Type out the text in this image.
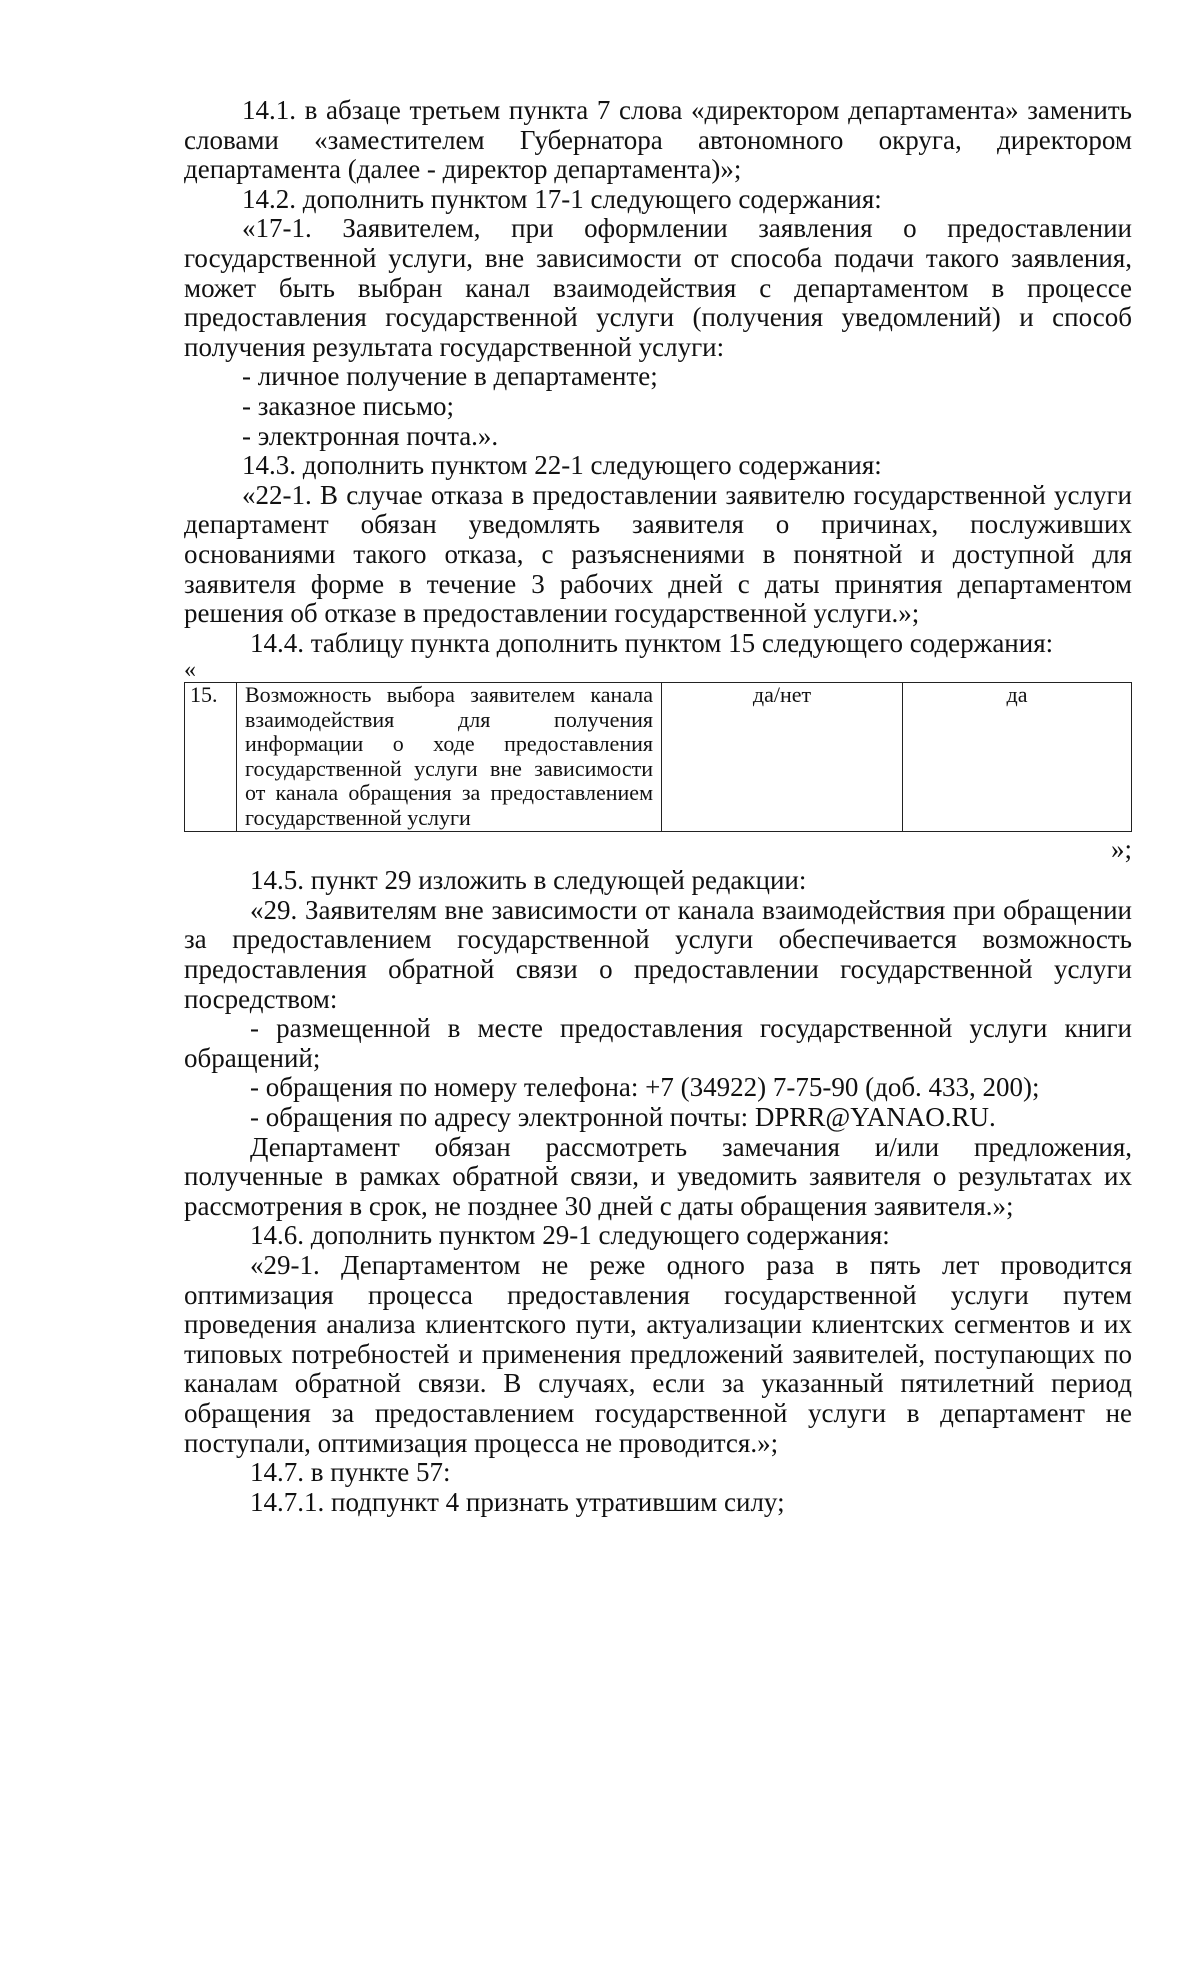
14.1. в абзаце третьем пункта 7 слова «директором департамента» заменить словами «заместителем Губернатора автономного округа, директором департамента (далее - директор департамента)»;

14.2. дополнить пунктом 17-1 следующего содержания:

«17-1. Заявителем, при оформлении заявления о предоставлении государственной услуги, вне зависимости от способа подачи такого заявления, может быть выбран канал взаимодействия с департаментом в процессе предоставления государственной услуги (получения уведомлений) и способ получения результата государственной услуги:

- личное получение в департаменте;

- заказное письмо;

- электронная почта.».

14.3. дополнить пунктом 22-1 следующего содержания:

«22-1. В случае отказа в предоставлении заявителю государственной услуги департамент обязан уведомлять заявителя о причинах, послуживших основаниями такого отказа, с разъяснениями в понятной и доступной для заявителя форме в течение 3 рабочих дней с даты принятия департаментом решения об отказе в предоставлении государственной услуги.»;

14.4. таблицу пункта дополнить пунктом 15 следующего содержания:

«

15.	Возможность выбора заявителем канала взаимодействия для получения информации о ходе предоставления государственной услуги вне зависимости от канала обращения за предоставлением государственной услуги	да/нет	да

»;

14.5. пункт 29 изложить в следующей редакции:

«29. Заявителям вне зависимости от канала взаимодействия при обращении за предоставлением государственной услуги обеспечивается возможность предоставления обратной связи о предоставлении государственной услуги посредством:

- размещенной в месте предоставления государственной услуги книги обращений;

- обращения по номеру телефона: +7 (34922) 7-75-90 (доб. 433, 200);

- обращения по адресу электронной почты: DPRR@YANAO.RU.

Департамент обязан рассмотреть замечания и/или предложения, полученные в рамках обратной связи, и уведомить заявителя о результатах их рассмотрения в срок, не позднее 30 дней с даты обращения заявителя.»;

14.6. дополнить пунктом 29-1 следующего содержания:

«29-1. Департаментом не реже одного раза в пять лет проводится оптимизация процесса предоставления государственной услуги путем проведения анализа клиентского пути, актуализации клиентских сегментов и их типовых потребностей и применения предложений заявителей, поступающих по каналам обратной связи. В случаях, если за указанный пятилетний период обращения за предоставлением государственной услуги в департамент не поступали, оптимизация процесса не проводится.»;

14.7. в пункте 57:

14.7.1. подпункт 4 признать утратившим силу;
